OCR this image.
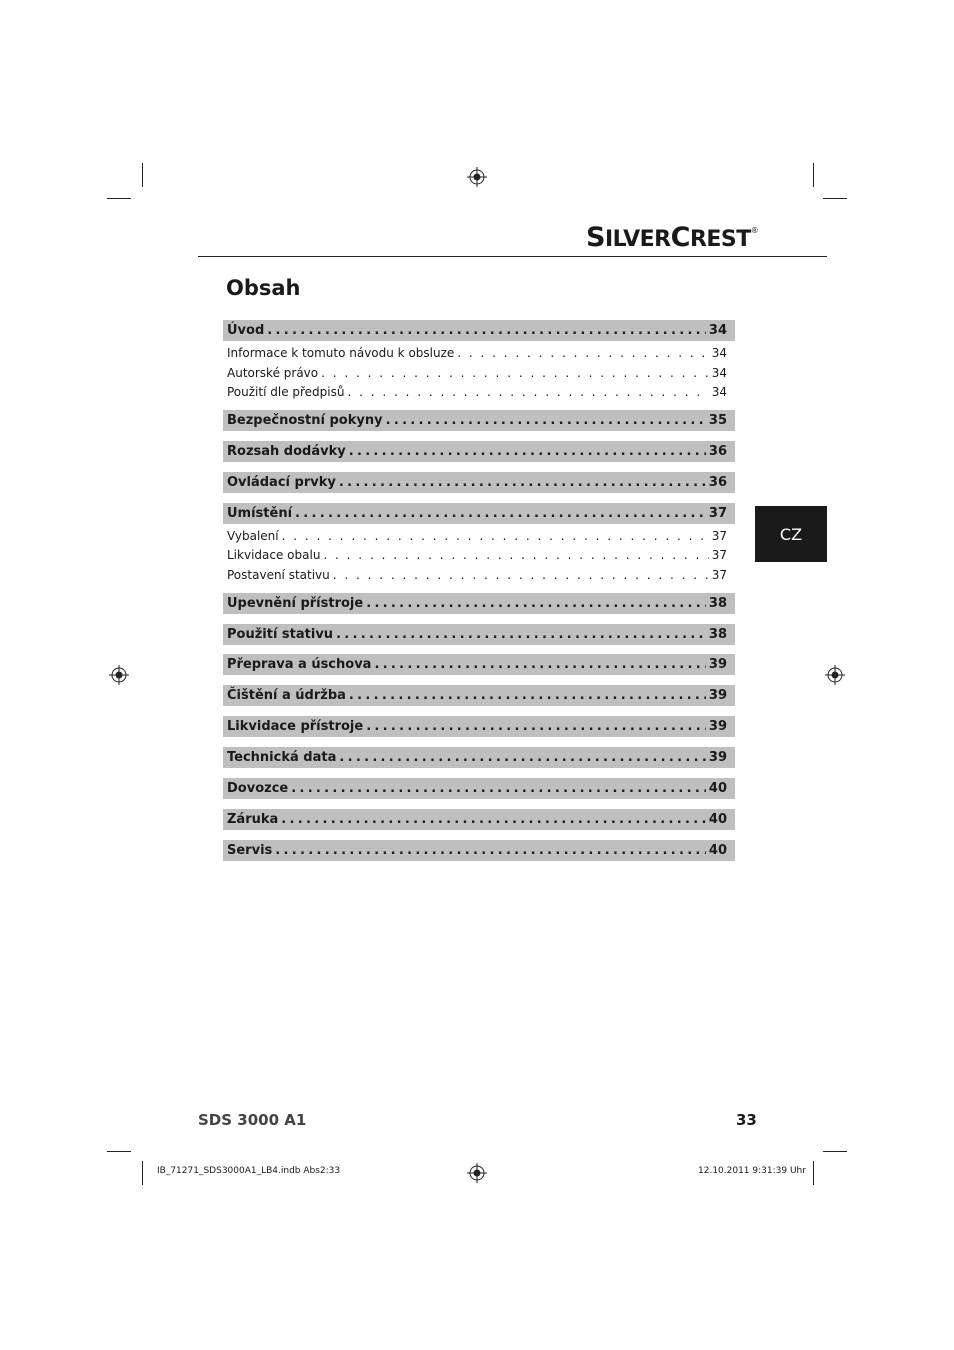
SILVERCREST®
Obsah
Úvod .....	34
Informace k tomuto návodu k obsluze . . .	34
Autorské právo . . .	34
Použití dle předpisů . . .	34
Bezpečnostní pokyny .....	35
Rozsah dodávky .....	36
Ovládací prvky .....	36
Umístění .....	37
Vybalení . . .	37
Likvidace obalu . . .	37
Postavení stativu . . .	37
Upevnění přístroje .....	38
Použití stativu .....	38
Přeprava a úschova .....	39
Čištění a údržba .....	39
Likvidace přístroje .....	39
Technická data .....	39
Dovozce .....	40
Záruka .....	40
Servis .....	40
CZ
SDS 3000 A1	33
IB_71271_SDS3000A1_LB4.indb Abs2:33	12.10.2011 9:31:39 Uhr
